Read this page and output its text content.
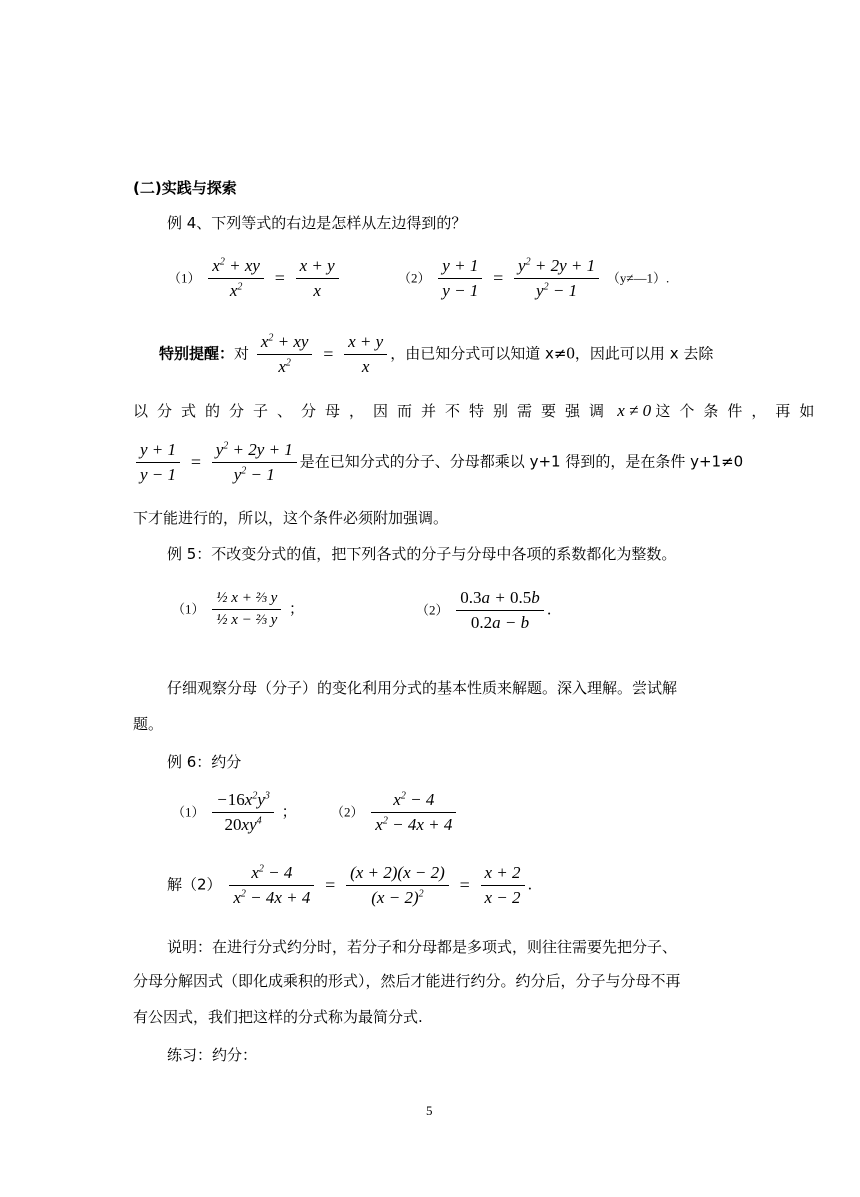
(二)实践与探索
例 4、下列等式的右边是怎样从左边得到的？
$(1) \frac{x^2 + xy}{x^2} = \frac{x + y}{x}$	$(2) \frac{y + 1}{y - 1} = \frac{y^2 + 2y + 1}{y^2 - 1}$ （y≠—1）.
特别提醒：对 $\frac{x^2 + xy}{x^2} = \frac{x + y}{x}$ ，由已知分式可以知道 x≠0，因此可以用 x 去除
以分式的分子、分母，因而并不特别需要强调 x ≠ 0 这个条件，再如
$\frac{y + 1}{y - 1} = \frac{y^2 + 2y + 1}{y^2 - 1}$ 是在已知分式的分子、分母都乘以 y+1 得到的，是在条件 y+1≠0
下才能进行的，所以，这个条件必须附加强调。
例 5：不改变分式的值，把下列各式的分子与分母中各项的系数都化为整数。
$(1) \frac{\text{½ x + ⅔ y}}{\text{½ x − ⅔ y}}$ ；	$(2) \frac{0.3a + 0.5b}{0.2a - b}$ .
仔细观察分母（分子）的变化利用分式的基本性质来解题。深入理解。尝试解
题。
例 6：约分
$(1) \frac{-16x^2y^3}{20xy^4}$ ；	$(2) \frac{x^2 - 4}{x^2 - 4x + 4}$
解$(2) \frac{x^2 - 4}{x^2 - 4x + 4} = \frac{(x + 2)(x - 2)}{(x - 2)^2} = \frac{x + 2}{x - 2}$ .
说明：在进行分式约分时，若分子和分母都是多项式，则往往需要先把分子、
分母分解因式（即化成乘积的形式），然后才能进行约分。约分后，分子与分母不再
有公因式，我们把这样的分式称为最简分式.
练习：约分：
5
